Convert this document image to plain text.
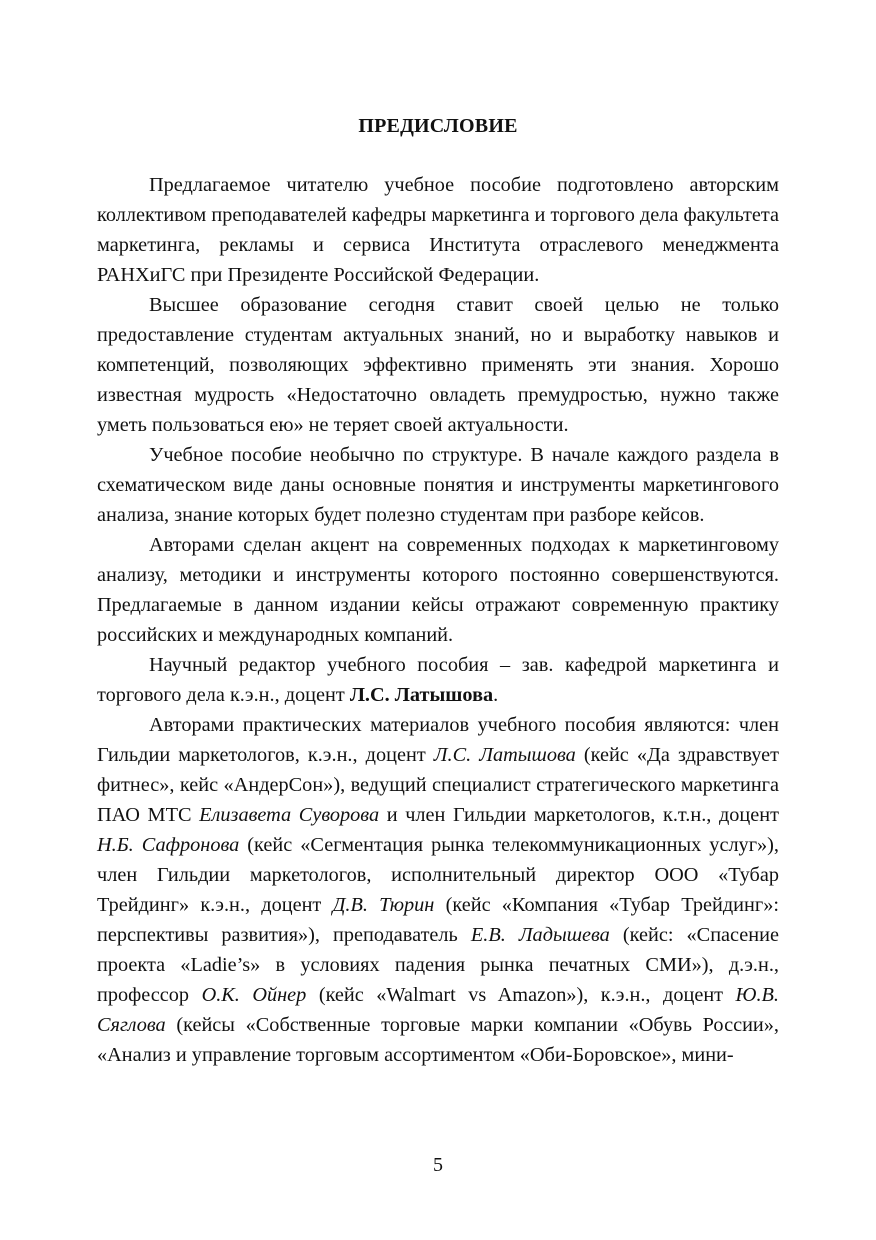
ПРЕДИСЛОВИЕ

Предлагаемое читателю учебное пособие подготовлено авторским коллективом преподавателей кафедры маркетинга и торгового дела факультета маркетинга, рекламы и сервиса Института отраслевого менеджмента РАНХиГС при Президенте Российской Федерации.

Высшее образование сегодня ставит своей целью не только предоставление студентам актуальных знаний, но и выработку навыков и компетенций, позволяющих эффективно применять эти знания. Хорошо известная мудрость «Недостаточно овладеть премудростью, нужно также уметь пользоваться ею» не теряет своей актуальности.

Учебное пособие необычно по структуре. В начале каждого раздела в схематическом виде даны основные понятия и инструменты маркетингового анализа, знание которых будет полезно студентам при разборе кейсов.

Авторами сделан акцент на современных подходах к маркетинговому анализу, методики и инструменты которого постоянно совершенствуются. Предлагаемые в данном издании кейсы отражают современную практику российских и международных компаний.

Научный редактор учебного пособия – зав. кафедрой маркетинга и торгового дела к.э.н., доцент Л.С. Латышова.

Авторами практических материалов учебного пособия являются: член Гильдии маркетологов, к.э.н., доцент Л.С. Латышова (кейс «Да здравствует фитнес», кейс «АндерСон»), ведущий специалист стратегического маркетинга ПАО МТС Елизавета Суворова и член Гильдии маркетологов, к.т.н., доцент Н.Б. Сафронова (кейс «Сегментация рынка телекоммуникационных услуг»), член Гильдии маркетологов, исполнительный директор ООО «Тубар Трейдинг» к.э.н., доцент Д.В. Тюрин (кейс «Компания «Тубар Трейдинг»: перспективы развития»), преподаватель Е.В. Ладышева (кейс: «Спасение проекта «Ladie’s» в условиях падения рынка печатных СМИ»), д.э.н., профессор О.К. Ойнер (кейс «Walmart vs Amazon»), к.э.н., доцент Ю.В. Сяглова (кейсы «Собственные торговые марки компании «Обувь России», «Анализ и управление торговым ассортиментом «Оби-Боровское», мини-

5
